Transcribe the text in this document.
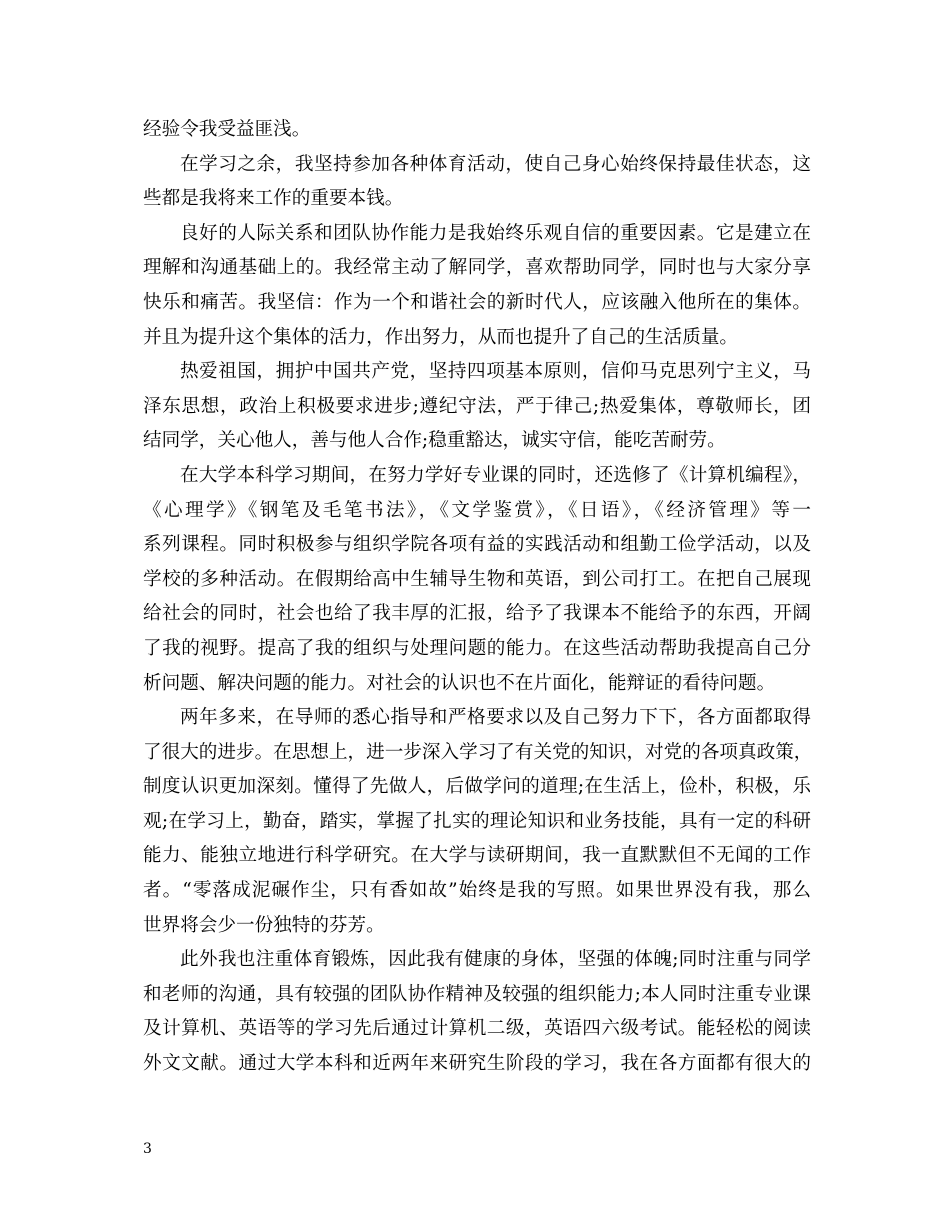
经验令我受益匪浅。
在学习之余，我坚持参加各种体育活动，使自己身心始终保持最佳状态，这
些都是我将来工作的重要本钱。
良好的人际关系和团队协作能力是我始终乐观自信的重要因素。它是建立在
理解和沟通基础上的。我经常主动了解同学，喜欢帮助同学，同时也与大家分享
快乐和痛苦。我坚信：作为一个和谐社会的新时代人，应该融入他所在的集体。
并且为提升这个集体的活力，作出努力，从而也提升了自己的生活质量。
热爱祖国，拥护中国共产党，坚持四项基本原则，信仰马克思列宁主义，马
泽东思想，政治上积极要求进步;遵纪守法，严于律己;热爱集体，尊敬师长，团
结同学，关心他人，善与他人合作;稳重豁达，诚实守信，能吃苦耐劳。
在大学本科学习期间，在努力学好专业课的同时，还选修了《计算机编程》，
《心理学》《钢笔及毛笔书法》，《文学鉴赏》，《日语》，《经济管理》等一
系列课程。同时积极参与组织学院各项有益的实践活动和组勤工俭学活动，以及
学校的多种活动。在假期给高中生辅导生物和英语，到公司打工。在把自己展现
给社会的同时，社会也给了我丰厚的汇报，给予了我课本不能给予的东西，开阔
了我的视野。提高了我的组织与处理问题的能力。在这些活动帮助我提高自己分
析问题、解决问题的能力。对社会的认识也不在片面化，能辩证的看待问题。
两年多来，在导师的悉心指导和严格要求以及自己努力下下，各方面都取得
了很大的进步。在思想上，进一步深入学习了有关党的知识，对党的各项真政策，
制度认识更加深刻。懂得了先做人，后做学问的道理;在生活上，俭朴，积极，乐
观;在学习上，勤奋，踏实，掌握了扎实的理论知识和业务技能，具有一定的科研
能力、能独立地进行科学研究。在大学与读研期间，我一直默默但不无闻的工作
者。“零落成泥碾作尘，只有香如故”始终是我的写照。如果世界没有我，那么
世界将会少一份独特的芬芳。
此外我也注重体育锻炼，因此我有健康的身体，坚强的体魄;同时注重与同学
和老师的沟通，具有较强的团队协作精神及较强的组织能力;本人同时注重专业课
及计算机、英语等的学习先后通过计算机二级，英语四六级考试。能轻松的阅读
外文文献。通过大学本科和近两年来研究生阶段的学习，我在各方面都有很大的
3
